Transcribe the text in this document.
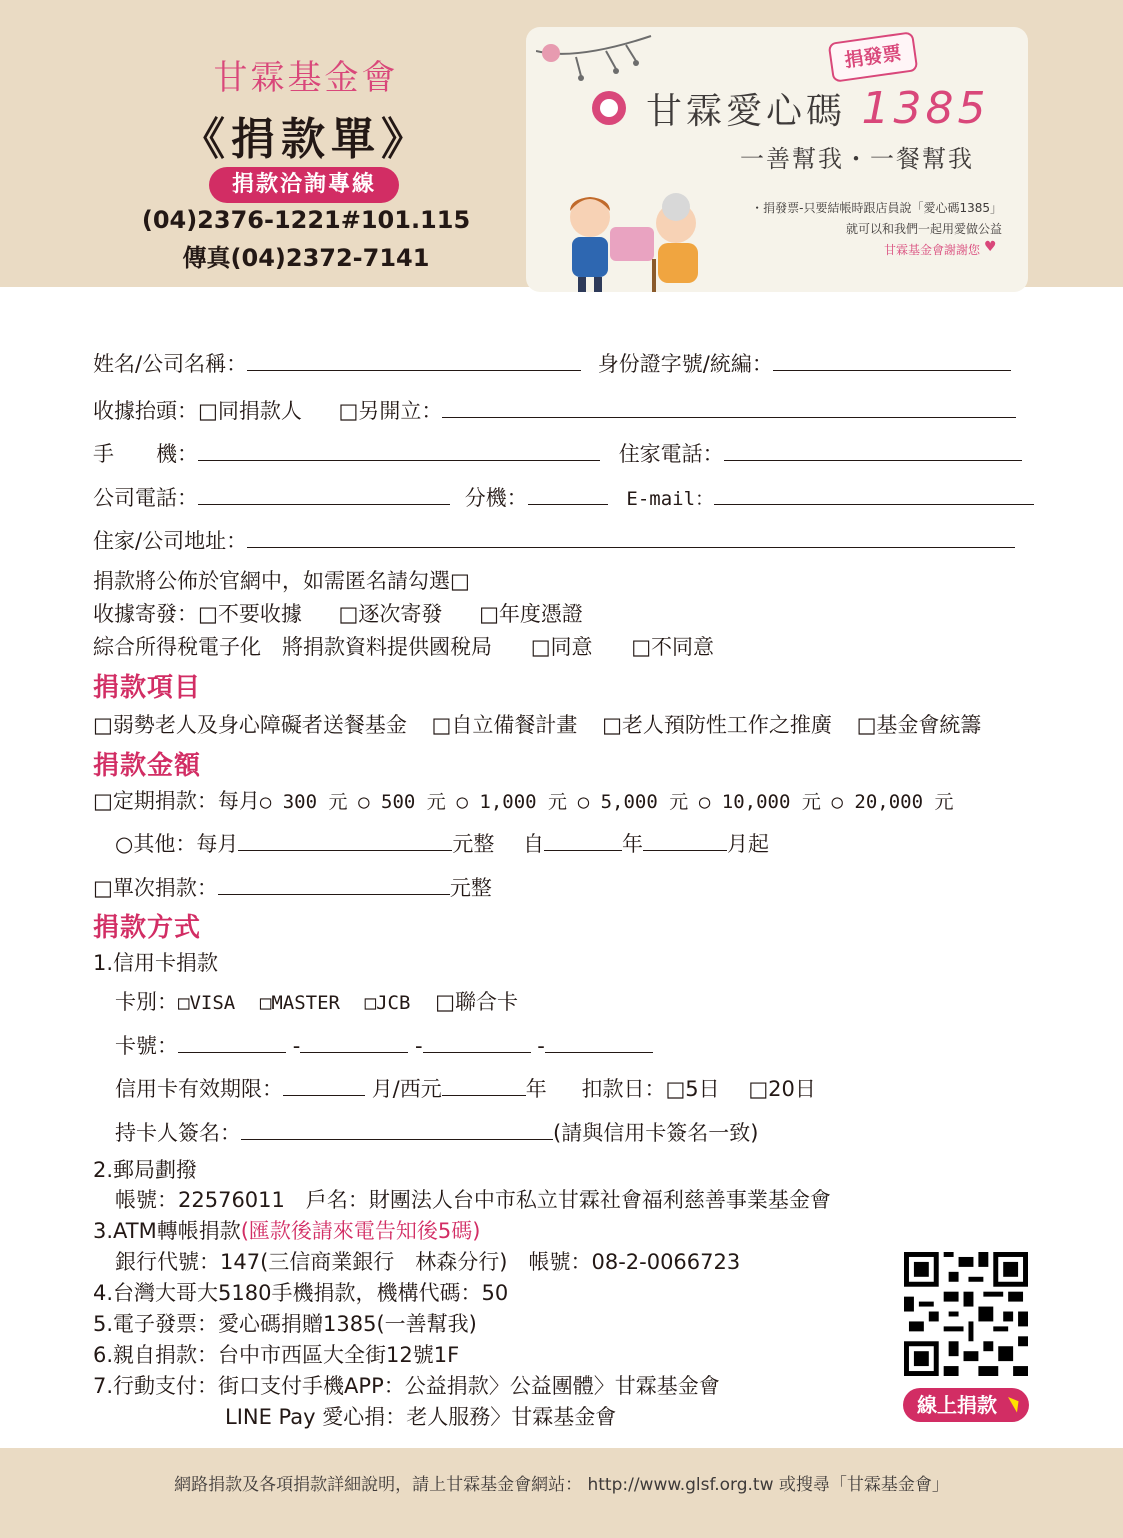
甘霖基金會
《捐款單》
捐款洽詢專線
(04)2376-1221#101.115
傳真(04)2372-7141
捐發票
甘霖愛心碼 1385
一善幫我・一餐幫我
・捐發票-只要結帳時跟店員說「愛心碼1385」
就可以和我們一起用愛做公益
甘霖基金會謝謝您 ♥
姓名/公司名稱：	身份證字號/統編：
收據抬頭：□同捐款人 □另開立：
手　　機：	住家電話：
公司電話：	分機：	E-mail：
住家/公司地址：
捐款將公佈於官網中，如需匿名請勾選□
收據寄發：□不要收據 □逐次寄發 □年度憑證
綜合所得稅電子化　將捐款資料提供國稅局 □同意 □不同意
捐款項目
□弱勢老人及身心障礙者送餐基金 □自立備餐計畫 □老人預防性工作之推廣 □基金會統籌
捐款金額
□定期捐款：每月○ 300 元 ○ 500 元 ○ 1,000 元 ○ 5,000 元 ○ 10,000 元 ○ 20,000 元
○其他：每月	元整 自	年	月起
□單次捐款：	元整
捐款方式
1.信用卡捐款
卡別：□VISA □MASTER □JCB □聯合卡
卡號：	-	-	-
信用卡有效期限：	月/西元	年 扣款日：□5日 □20日
持卡人簽名：	(請與信用卡簽名一致)
2.郵局劃撥
帳號：22576011　戶名：財團法人台中市私立甘霖社會福利慈善事業基金會
3.ATM轉帳捐款(匯款後請來電告知後5碼)
銀行代號：147(三信商業銀行　林森分行)　帳號：08-2-0066723
4.台灣大哥大5180手機捐款，機構代碼：50
5.電子發票：愛心碼捐贈1385(一善幫我)
6.親自捐款：台中市西區大全街12號1F
7.行動支付：街口支付手機APP：公益捐款〉公益團體〉甘霖基金會
LINE Pay 愛心捐：老人服務〉甘霖基金會	線上捐款
網路捐款及各項捐款詳細說明，請上甘霖基金會網站： http://www.glsf.org.tw 或搜尋「甘霖基金會」
